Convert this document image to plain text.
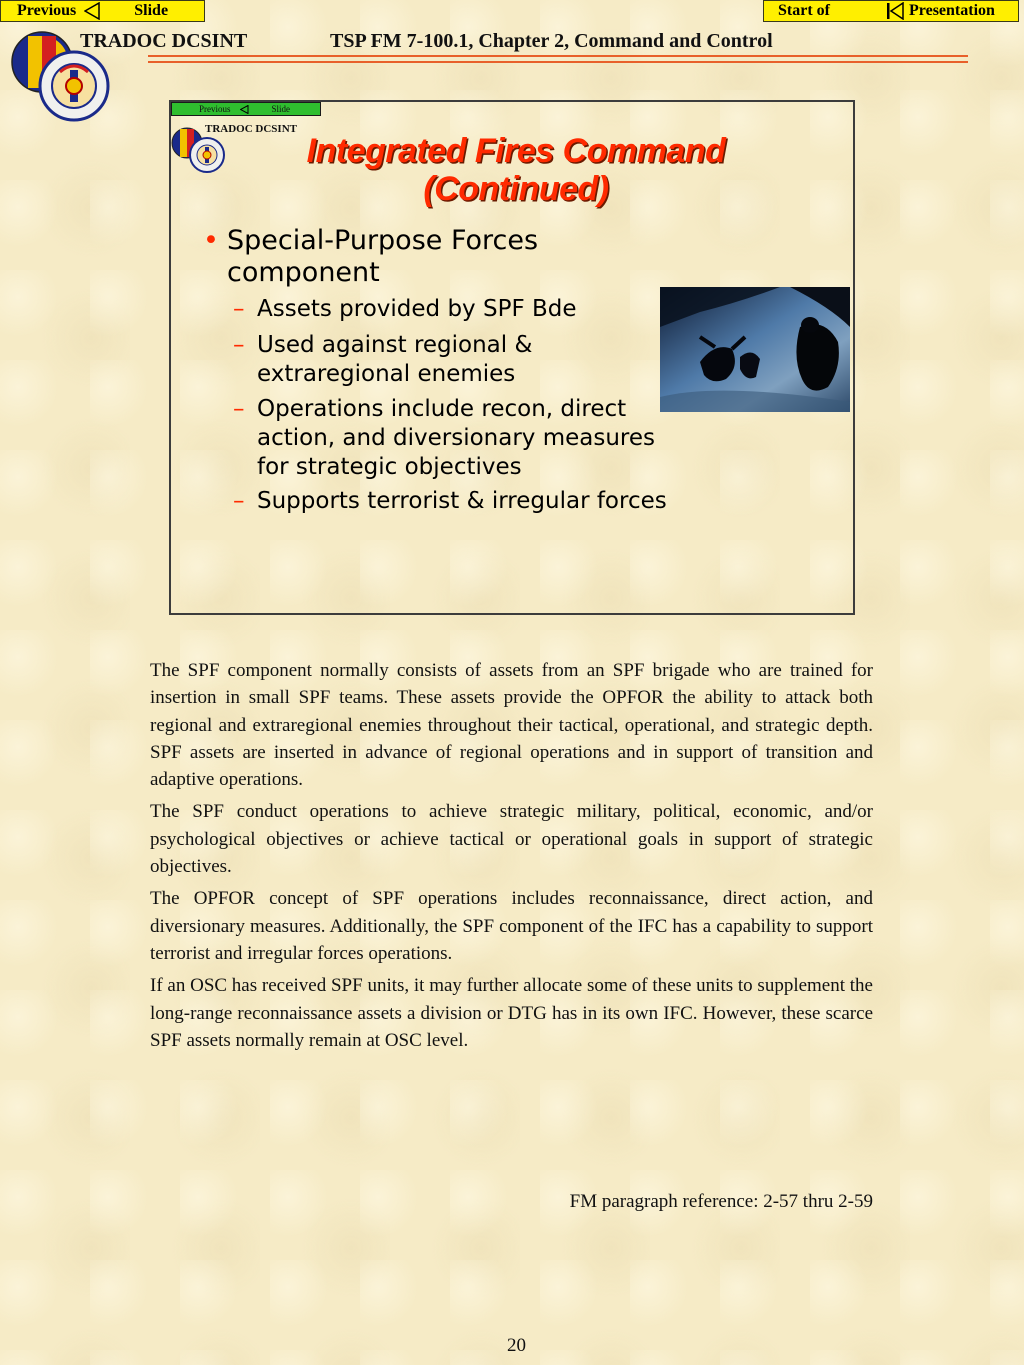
Previous	Slide	Start of	Presentation
TRADOC DCSINT	TSP FM 7-100.1, Chapter 2, Command and Control
Previous	Slide
TRADOC DCSINT
Integrated Fires Command
(Continued)
• Special-Purpose Forces component
– Assets provided by SPF Bde
– Used against regional & extraregional enemies
– Operations include recon, direct action, and diversionary measures for strategic objectives
– Supports terrorist & irregular forces

The SPF component normally consists of assets from an SPF brigade who are trained for insertion in small SPF teams. These assets provide the OPFOR the ability to attack both regional and extraregional enemies throughout their tactical, operational, and strategic depth. SPF assets are inserted in advance of regional operations and in support of transition and adaptive operations.

The SPF conduct operations to achieve strategic military, political, economic, and/or psychological objectives or achieve tactical or operational goals in support of strategic objectives.

The OPFOR concept of SPF operations includes reconnaissance, direct action, and diversionary measures. Additionally, the SPF component of the IFC has a capability to support terrorist and irregular forces operations.

If an OSC has received SPF units, it may further allocate some of these units to supplement the long-range reconnaissance assets a division or DTG has in its own IFC. However, these scarce SPF assets normally remain at OSC level.

FM paragraph reference: 2-57 thru 2-59
20
